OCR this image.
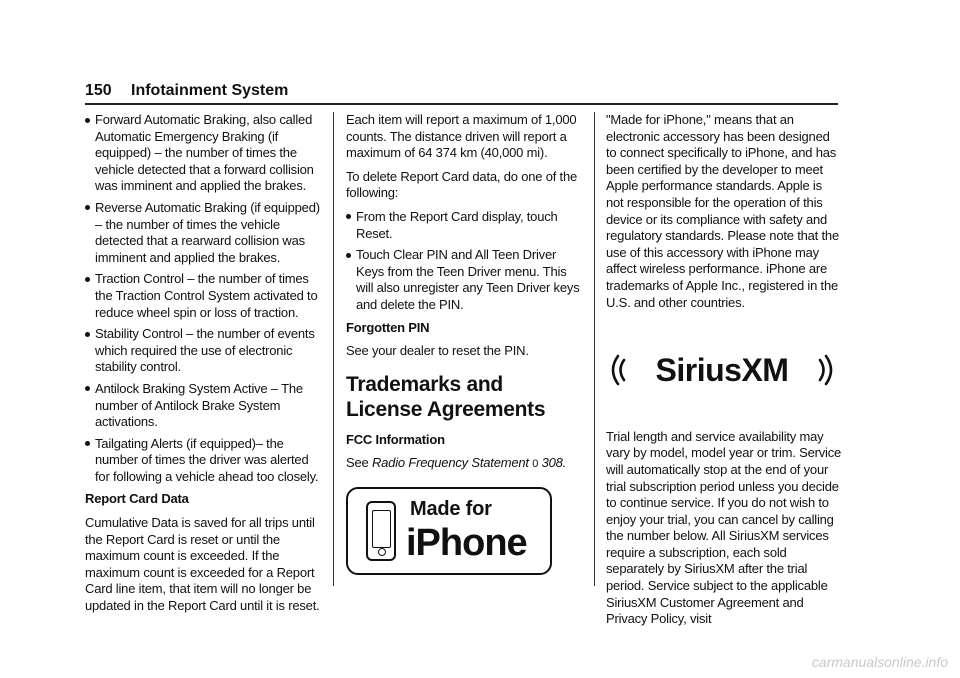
150 Infotainment System
Forward Automatic Braking, also called Automatic Emergency Braking (if equipped) – the number of times the vehicle detected that a forward collision was imminent and applied the brakes.
Reverse Automatic Braking (if equipped) – the number of times the vehicle detected that a rearward collision was imminent and applied the brakes.
Traction Control – the number of times the Traction Control System activated to reduce wheel spin or loss of traction.
Stability Control – the number of events which required the use of electronic stability control.
Antilock Braking System Active – The number of Antilock Brake System activations.
Tailgating Alerts (if equipped)– the number of times the driver was alerted for following a vehicle ahead too closely.
Report Card Data

Cumulative Data is saved for all trips until the Report Card is reset or until the maximum count is exceeded. If the maximum count is exceeded for a Report Card line item, that item will no longer be updated in the Report Card until it is reset.

Each item will report a maximum of 1,000 counts. The distance driven will report a maximum of 64 374 km (40,000 mi).

To delete Report Card data, do one of the following:

From the Report Card display, touch Reset.
Touch Clear PIN and All Teen Driver Keys from the Teen Driver menu. This will also unregister any Teen Driver keys and delete the PIN.
Forgotten PIN

See your dealer to reset the PIN.

Trademarks and License Agreements
FCC Information

See Radio Frequency Statement 0 308.

Made for
iPhone

"Made for iPhone," means that an electronic accessory has been designed to connect specifically to iPhone, and has been certified by the developer to meet Apple performance standards. Apple is not responsible for the operation of this device or its compliance with safety and regulatory standards. Please note that the use of this accessory with iPhone may affect wireless performance. iPhone are trademarks of Apple Inc., registered in the U.S. and other countries.

SiriusXM

Trial length and service availability may vary by model, model year or trim. Service will automatically stop at the end of your trial subscription period unless you decide to continue service. If you do not wish to enjoy your trial, you can cancel by calling the number below. All SiriusXM services require a subscription, each sold separately by SiriusXM after the trial period. Service subject to the applicable SiriusXM Customer Agreement and Privacy Policy, visit

carmanualsonline.info
